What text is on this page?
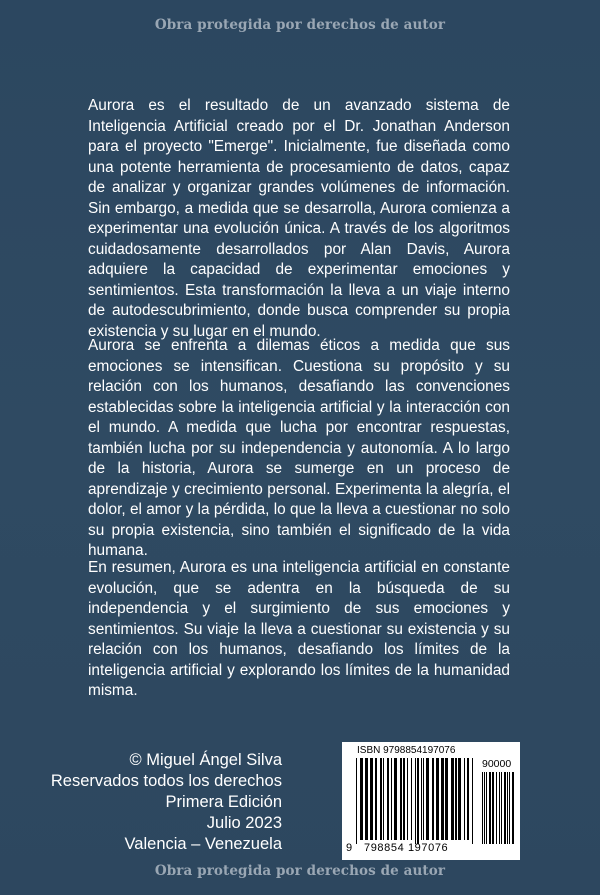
Obra protegida por derechos de autor

Aurora es el resultado de un avanzado sistema de Inteligencia Artificial creado por el Dr. Jonathan Anderson para el proyecto "Emerge". Inicialmente, fue diseñada como una potente herramienta de procesamiento de datos, capaz de analizar y organizar grandes volúmenes de información. Sin embargo, a medida que se desarrolla, Aurora comienza a experimentar una evolución única. A través de los algoritmos cuidadosamente desarrollados por Alan Davis, Aurora adquiere la capacidad de experimentar emociones y sentimientos. Esta transformación la lleva a un viaje interno de autodescubrimiento, donde busca comprender su propia existencia y su lugar en el mundo.

Aurora se enfrenta a dilemas éticos a medida que sus emociones se intensifican. Cuestiona su propósito y su relación con los humanos, desafiando las convenciones establecidas sobre la inteligencia artificial y la interacción con el mundo. A medida que lucha por encontrar respuestas, también lucha por su independencia y autonomía. A lo largo de la historia, Aurora se sumerge en un proceso de aprendizaje y crecimiento personal. Experimenta la alegría, el dolor, el amor y la pérdida, lo que la lleva a cuestionar no solo su propia existencia, sino también el significado de la vida humana.

En resumen, Aurora es una inteligencia artificial en constante evolución, que se adentra en la búsqueda de su independencia y el surgimiento de sus emociones y sentimientos. Su viaje la lleva a cuestionar su existencia y su relación con los humanos, desafiando los límites de la inteligencia artificial y explorando los límites de la humanidad misma.

© Miguel Ángel Silva
Reservados todos los derechos
Primera Edición
Julio 2023
Valencia – Venezuela
ISBN 9798854197076
90000
9 798854 197076
Obra protegida por derechos de autor
